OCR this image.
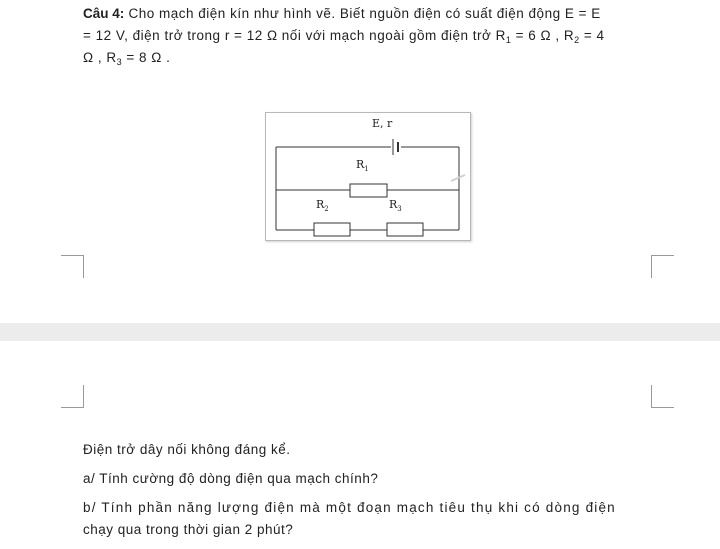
Câu 4: Cho mạch điện kín như hình vẽ. Biết nguồn điện có suất điện động E = E
= 12 V, điện trở trong r = 12 Ω nối với mạch ngoài gồm điện trở $R_1 = 6$ Ω , $R_2 = 4$
Ω , $R_3 = 8$ Ω .
E, r
$R_1$
$R_2$	$R_3$
Điện trở dây nối không đáng kể.
a/ Tính cường độ dòng điện qua mạch chính?
b/ Tính phần năng lượng điện mà một đoạn mạch tiêu thụ khi có dòng điện
chạy qua trong thời gian 2 phút?
